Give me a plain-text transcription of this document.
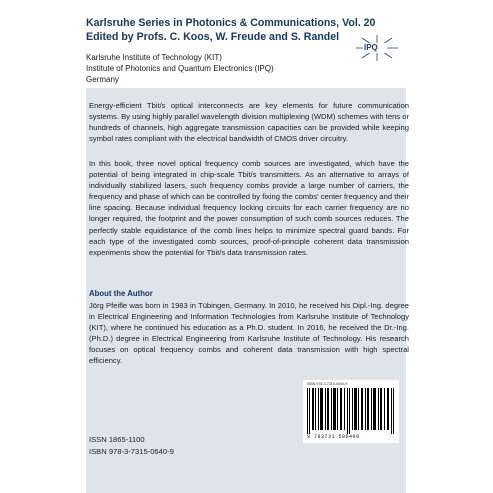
Karlsruhe Series in Photonics & Communications, Vol. 20
Edited by Profs. C. Koos, W. Freude and S. Randel
Karlsruhe Institute of Technology (KIT)
Institute of Photonics and Quantum Electronics (IPQ)
Germany
IPQ

Energy-efficient Tbit/s optical interconnects are key elements for future communication systems. By using highly parallel wavelength division multiplexing (WDM) schemes with tens or hundreds of channels, high aggregate transmission capacities can be provided while keeping symbol rates compliant with the electrical bandwidth of CMOS driver circuitry.

In this book, three novel optical frequency comb sources are investigated, which have the potential of being integrated in chip-scale Tbit/s transmitters. As an alternative to arrays of individually stabilized lasers, such frequency combs provide a large number of carriers, the frequency and phase of which can be controlled by fixing the combs' center frequency and their line spacing. Because individual frequency locking circuits for each carrier frequency are no longer required, the footprint and the power consumption of such comb sources reduces. The perfectly stable equidistance of the comb lines helps to minimize spectral guard bands. For each type of the investigated comb sources, proof-of-principle coherent data transmission experiments show the potential for Tbit/s data transmission rates.

About the Author

Jörg Pfeifle was born in 1983 in Tübingen, Germany. In 2010, he received his Dipl.-Ing. degree in Electrical Engineering and Information Technologies from Karlsruhe Institute of Technology (KIT), where he continued his education as a Ph.D. student. In 2016, he received the Dr.-Ing. (Ph.D.) degree in Electrical Engineering from Karlsruhe Institute of Technology. His research focuses on optical frequency combs and coherent data transmission with high spectral efficiency.

ISBN 978-3-7315-0640-9
9 783731 506409
ISSN 1865-1100
ISBN 978-3-7315-0640-9
